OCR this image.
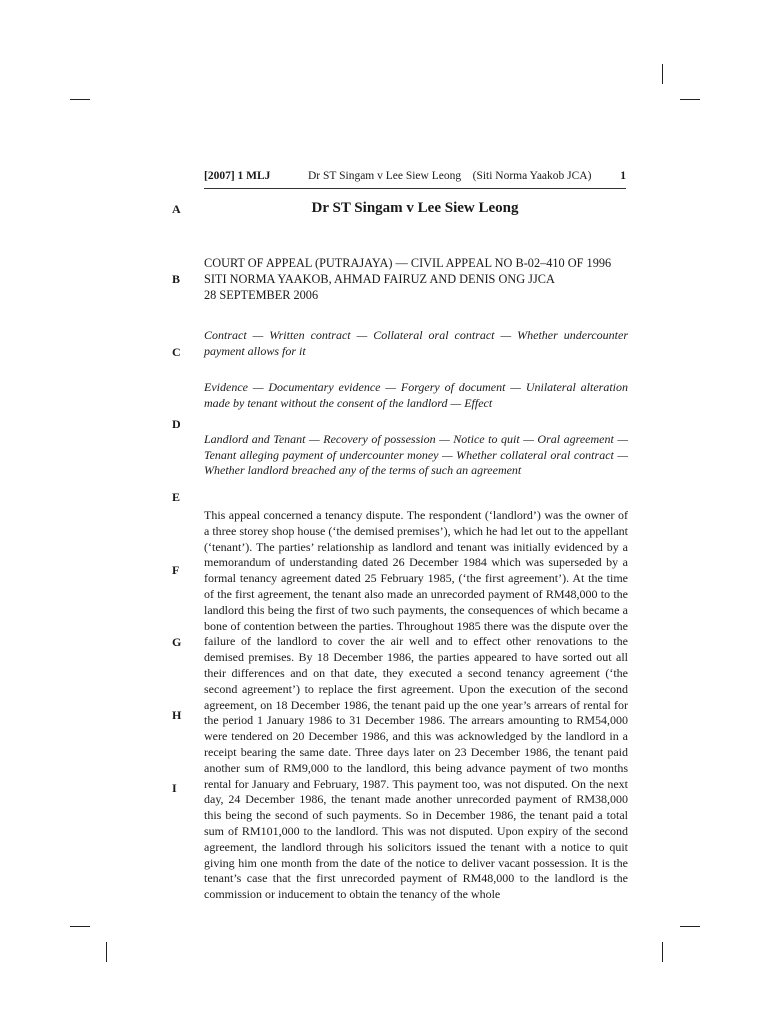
[2007] 1 MLJ	Dr ST Singam v Lee Siew Leong (Siti Norma Yaakob JCA)	1
A
B
C
D
E
F
G
H
I
Dr ST Singam v Lee Siew Leong
COURT OF APPEAL (PUTRAJAYA) — CIVIL APPEAL NO B-02–410 OF 1996
SITI NORMA YAAKOB, AHMAD FAIRUZ AND DENIS ONG JJCA
28 SEPTEMBER 2006
Contract — Written contract — Collateral oral contract — Whether undercounter payment allows for it
Evidence — Documentary evidence — Forgery of document — Unilateral alteration made by tenant without the consent of the landlord — Effect
Landlord and Tenant — Recovery of possession — Notice to quit — Oral agreement — Tenant alleging payment of undercounter money — Whether collateral oral contract — Whether landlord breached any of the terms of such an agreement

This appeal concerned a tenancy dispute. The respondent (‘landlord’) was the owner of a three storey shop house (‘the demised premises’), which he had let out to the appellant (‘tenant’). The parties’ relationship as landlord and tenant was initially evidenced by a memorandum of understanding dated 26 December 1984 which was superseded by a formal tenancy agreement dated 25 February 1985, (‘the first agreement’). At the time of the first agreement, the tenant also made an unrecorded payment of RM48,000 to the landlord this being the first of two such payments, the consequences of which became a bone of contention between the parties. Throughout 1985 there was the dispute over the failure of the landlord to cover the air well and to effect other renovations to the demised premises. By 18 December 1986, the parties appeared to have sorted out all their differences and on that date, they executed a second tenancy agreement (‘the second agreement’) to replace the first agreement. Upon the execution of the second agreement, on 18 December 1986, the tenant paid up the one year’s arrears of rental for the period 1 January 1986 to 31 December 1986. The arrears amounting to RM54,000 were tendered on 20 December 1986, and this was acknowledged by the landlord in a receipt bearing the same date. Three days later on 23 December 1986, the tenant paid another sum of RM9,000 to the landlord, this being advance payment of two months rental for January and February, 1987. This payment too, was not disputed. On the next day, 24 December 1986, the tenant made another unrecorded payment of RM38,000 this being the second of such payments. So in December 1986, the tenant paid a total sum of RM101,000 to the landlord. This was not disputed. Upon expiry of the second agreement, the landlord through his solicitors issued the tenant with a notice to quit giving him one month from the date of the notice to deliver vacant possession. It is the tenant’s case that the first unrecorded payment of RM48,000 to the landlord is the commission or inducement to obtain the tenancy of the whole
